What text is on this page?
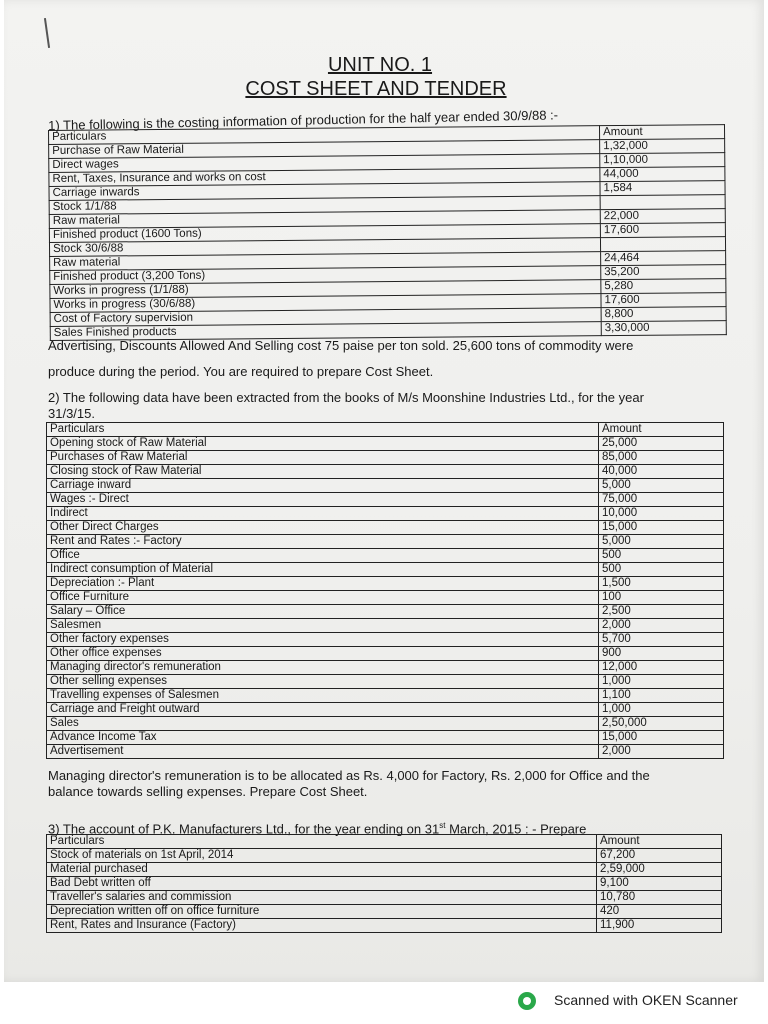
UNIT NO. 1
COST SHEET AND TENDER
1) The following is the costing information of production for the half year ended 30/9/88 :-
Particulars	Amount
Purchase of Raw Material	1,32,000
Direct wages	1,10,000
Rent, Taxes, Insurance and works on cost	44,000
Carriage inwards	1,584
Stock 1/1/88	
Raw material	22,000
Finished product (1600 Tons)	17,600
Stock 30/6/88	
Raw material	24,464
Finished product (3,200 Tons)	35,200
Works in progress (1/1/88)	5,280
Works in progress (30/6/88)	17,600
Cost of Factory supervision	8,800
Sales Finished products	3,30,000
Advertising, Discounts Allowed And Selling cost 75 paise per ton sold. 25,600 tons of commodity were
produce during the period. You are required to prepare Cost Sheet.
2) The following data have been extracted from the books of M/s Moonshine Industries Ltd., for the year
31/3/15.
Particulars	Amount
Opening stock of Raw Material	25,000
Purchases of Raw Material	85,000
Closing stock of Raw Material	40,000
Carriage inward	5,000
Wages :- Direct	75,000
Indirect	10,000
Other Direct Charges	15,000
Rent and Rates :- Factory	5,000
Office	500
Indirect consumption of Material	500
Depreciation :- Plant	1,500
Office Furniture	100
Salary – Office	2,500
Salesmen	2,000
Other factory expenses	5,700
Other office expenses	900
Managing director's remuneration	12,000
Other selling expenses	1,000
Travelling expenses of Salesmen	1,100
Carriage and Freight outward	1,000
Sales	2,50,000
Advance Income Tax	15,000
Advertisement	2,000
Managing director's remuneration is to be allocated as Rs. 4,000 for Factory, Rs. 2,000 for Office and the
balance towards selling expenses. Prepare Cost Sheet.
3) The account of P.K. Manufacturers Ltd., for the year ending on 31st March, 2015 : - Prepare
Particulars	Amount
Stock of materials on 1st April, 2014	67,200
Material purchased	2,59,000
Bad Debt written off	9,100
Traveller's salaries and commission	10,780
Depreciation written off on office furniture	420
Rent, Rates and Insurance (Factory)	11,900
Scanned with OKEN Scanner
